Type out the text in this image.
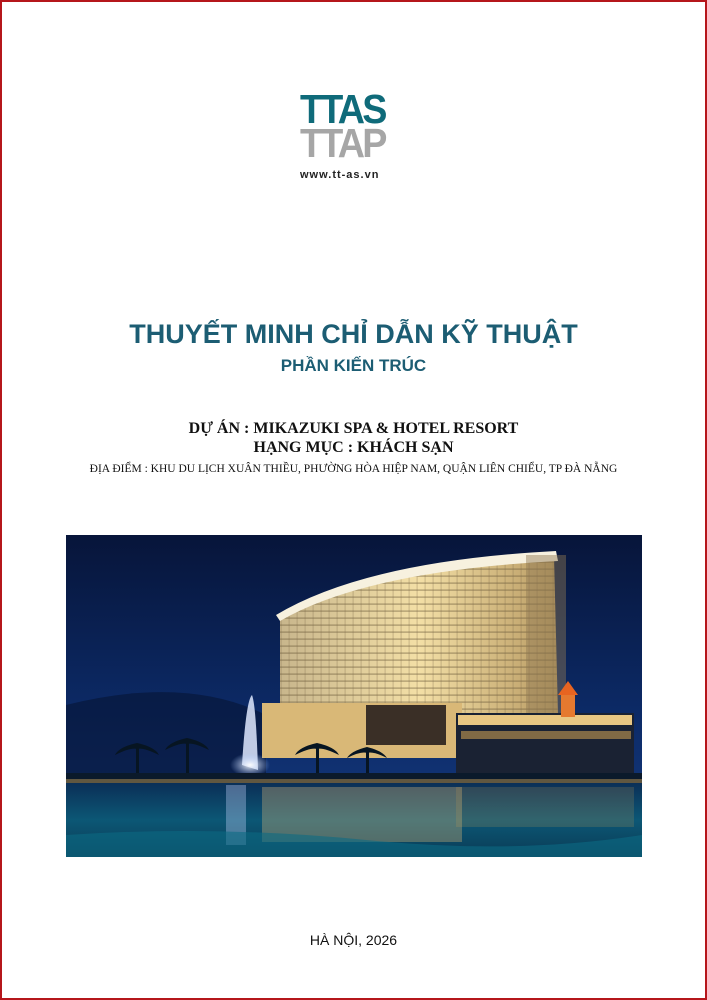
TTAS
TTAP
www.tt-as.vn
THUYẾT MINH CHỈ DẪN KỸ THUẬT
PHẦN KIẾN TRÚC
DỰ ÁN : MIKAZUKI SPA & HOTEL RESORT
HẠNG MỤC : KHÁCH SẠN
ĐỊA ĐIỂM : KHU DU LỊCH XUÂN THIỀU, PHƯỜNG HÒA HIỆP NAM, QUẬN LIÊN CHIỂU, TP ĐÀ NẴNG
HÀ NỘI, 2026
